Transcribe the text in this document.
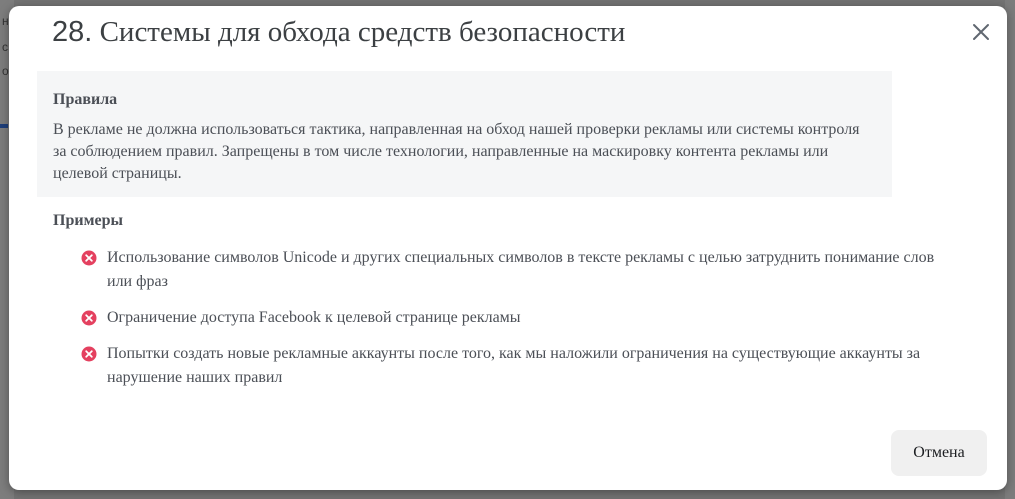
н
с
о
28. Системы для обхода средств безопасности
Правила

В рекламе не должна использоваться тактика, направленная на обход нашей проверки рекламы или системы контроля за соблюдением правил. Запрещены в том числе технологии, направленные на маскировку контента рекламы или целевой страницы.

Примеры
Использование символов Unicode и других специальных символов в тексте рекламы с целью затруднить понимание слов или фраз
Ограничение доступа Facebook к целевой странице рекламы
Попытки создать новые рекламные аккаунты после того, как мы наложили ограничения на существующие аккаунты за нарушение наших правил
Отмена
